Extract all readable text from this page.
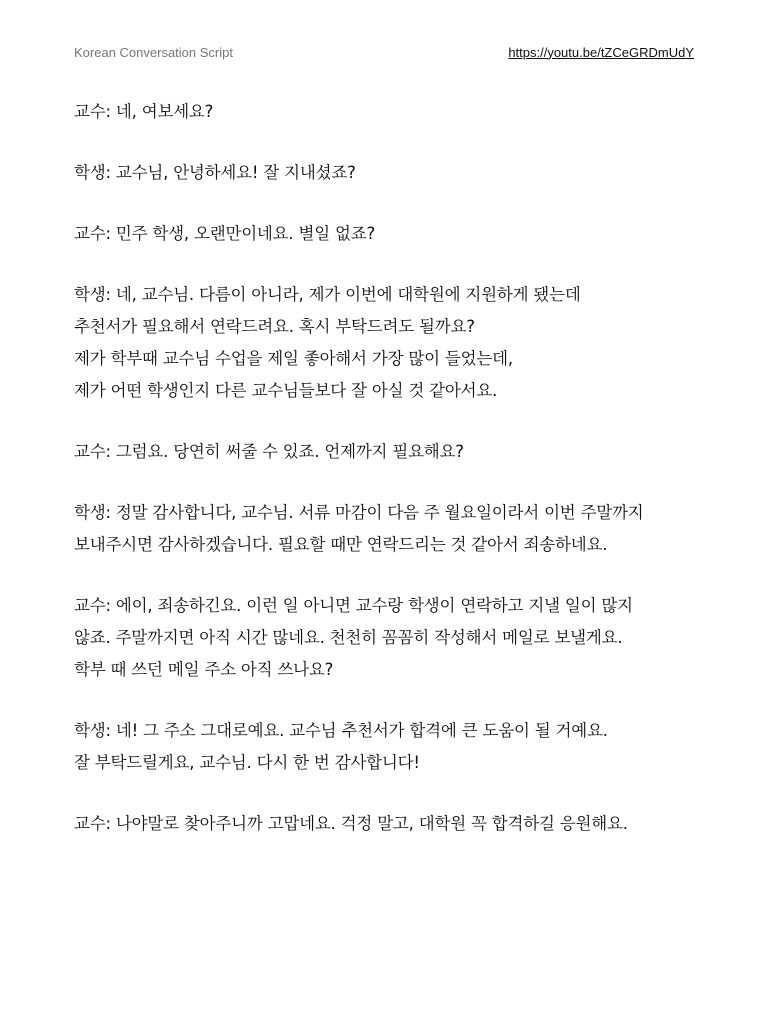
Korean Conversation Script	https://youtu.be/tZCeGRDmUdY
교수: 네, 여보세요?
학생: 교수님, 안녕하세요! 잘 지내셨죠?
교수: 민주 학생, 오랜만이네요. 별일 없죠?
학생: 네, 교수님. 다름이 아니라, 제가 이번에 대학원에 지원하게 됐는데
추천서가 필요해서 연락드려요. 혹시 부탁드려도 될까요?
제가 학부때 교수님 수업을 제일 좋아해서 가장 많이 들었는데,
제가 어떤 학생인지 다른 교수님들보다 잘 아실 것 같아서요.
교수: 그럼요. 당연히 써줄 수 있죠. 언제까지 필요해요?
학생: 정말 감사합니다, 교수님. 서류 마감이 다음 주 월요일이라서 이번 주말까지
보내주시면 감사하겠습니다. 필요할 때만 연락드리는 것 같아서 죄송하네요.
교수: 에이, 죄송하긴요. 이런 일 아니면 교수랑 학생이 연락하고 지낼 일이 많지
않죠. 주말까지면 아직 시간 많네요. 천천히 꼼꼼히 작성해서 메일로 보낼게요.
학부 때 쓰던 메일 주소 아직 쓰나요?
학생: 네! 그 주소 그대로예요. 교수님 추천서가 합격에 큰 도움이 될 거예요.
잘 부탁드릴게요, 교수님. 다시 한 번 감사합니다!
교수: 나야말로 찾아주니까 고맙네요. 걱정 말고, 대학원 꼭 합격하길 응원해요.
